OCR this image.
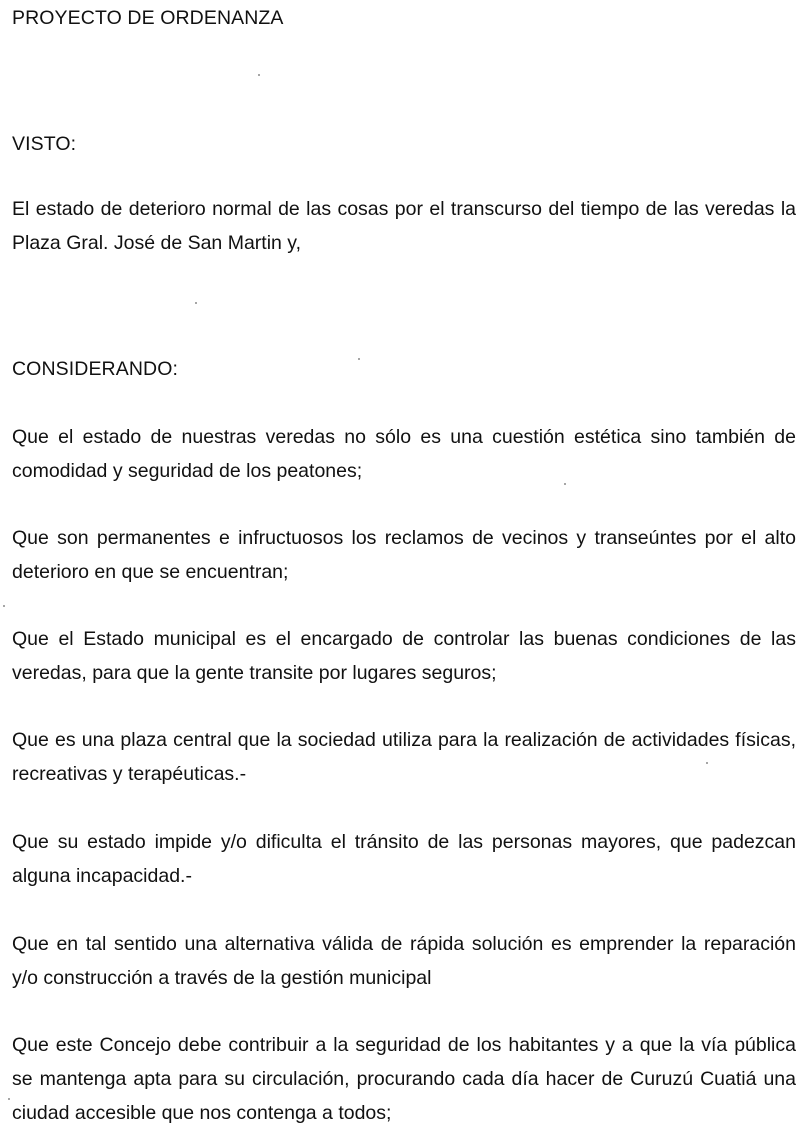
PROYECTO DE ORDENANZA

VISTO:

El estado de deterioro normal de las cosas por el transcurso del tiempo de las veredas la Plaza Gral. José de San Martin y,

CONSIDERANDO:

Que el estado de nuestras veredas no sólo es una cuestión estética sino también de comodidad y seguridad de los peatones;

Que son permanentes e infructuosos los reclamos de vecinos y transeúntes por el alto deterioro en que se encuentran;

Que el Estado municipal es el encargado de controlar las buenas condiciones de las veredas, para que la gente transite por lugares seguros;

Que es una plaza central que la sociedad utiliza para la realización de actividades físicas, recreativas y terapéuticas.-

Que su estado impide y/o dificulta el tránsito de las personas mayores, que padezcan alguna incapacidad.-

Que en tal sentido una alternativa válida de rápida solución es emprender la reparación y/o construcción a través de la gestión municipal

Que este Concejo debe contribuir a la seguridad de los habitantes y a que la vía pública se mantenga apta para su circulación, procurando cada día hacer de Curuzú Cuatiá una ciudad accesible que nos contenga a todos;
